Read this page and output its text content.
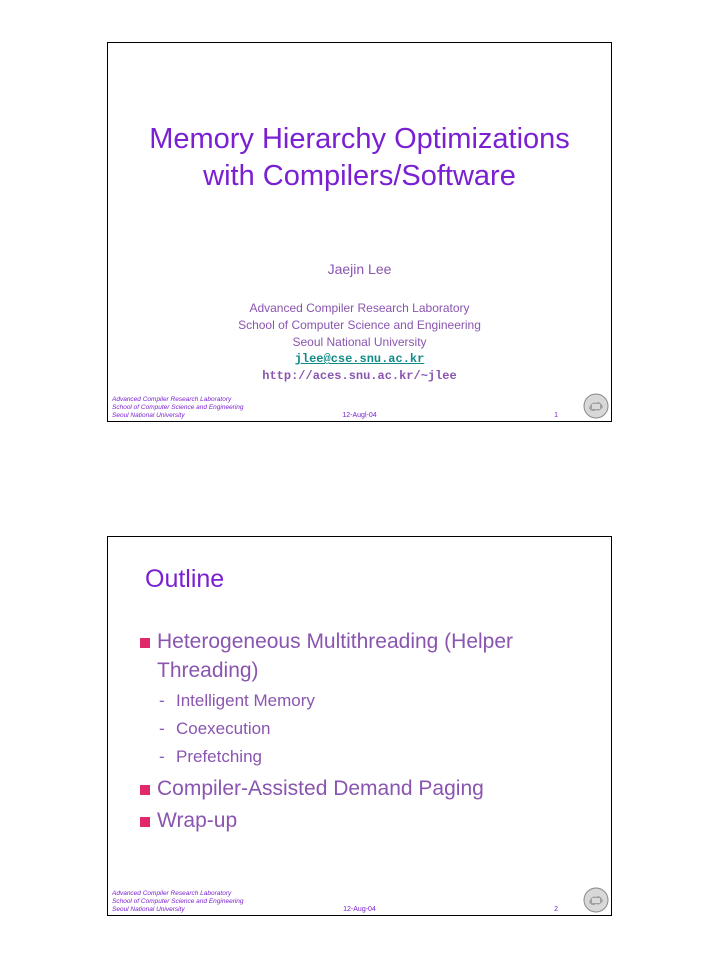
Memory Hierarchy Optimizations
with Compilers/Software
Jaejin Lee
Advanced Compiler Research Laboratory
School of Computer Science and Engineering
Seoul National University
jlee@cse.snu.ac.kr
http://aces.snu.ac.kr/~jlee
Advanced Compiler Research Laboratory
School of Computer Science and Engineering
Seoul National University	12-Augl-04	1
Outline
Heterogeneous Multithreading (Helper
Threading)
- Intelligent Memory
- Coexecution
- Prefetching
Compiler-Assisted Demand Paging
Wrap-up
Advanced Compiler Research Laboratory
School of Computer Science and Engineering
Seoul National University	12-Aug-04	2
